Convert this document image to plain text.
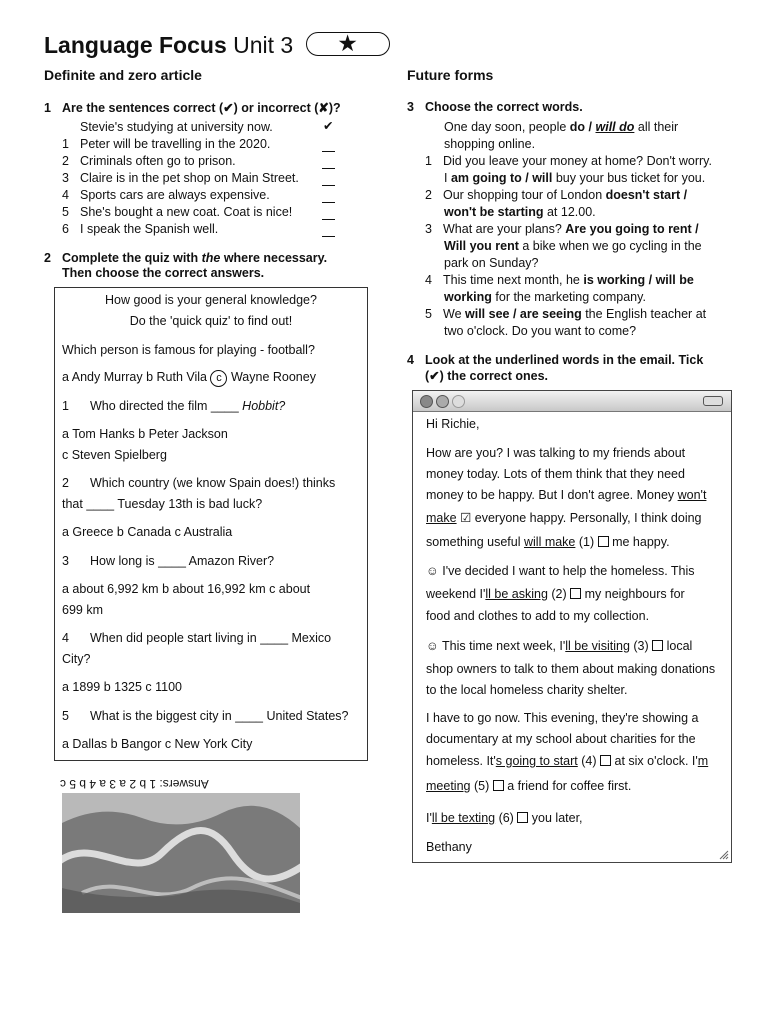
Language Focus Unit 3 ★
Definite and zero article
1 Are the sentences correct (✔) or incorrect (✘)?
Stevie's studying at university now.	✔
1 Peter will be travelling in the 2020.
2 Criminals often go to prison.
3 Claire is in the pet shop on Main Street.
4 Sports cars are always expensive.
5 She's bought a new coat. Coat is nice!
6 I speak the Spanish well.
2 Complete the quiz with the where necessary.
Then choose the correct answers.
How good is your general knowledge?
Do the 'quick quiz' to find out!
Which person is famous for playing - football?
a Andy Murray b Ruth Vila c Wayne Rooney
1 Who directed the film ____ Hobbit?
a Tom Hanks b Peter Jackson
c Steven Spielberg
2 Which country (we know Spain does!) thinks
that ____ Tuesday 13th is bad luck?
a Greece b Canada c Australia
3 How long is ____ Amazon River?
a about 6,992 km b about 16,992 km c about
699 km
4 When did people start living in ____ Mexico
City?
a 1899 b 1325 c 1100
5 What is the biggest city in ____ United States?
a Dallas b Bangor c New York City
Answers: 1 b 2 a 3 a 4 b 5 c
Future forms
3 Choose the correct words.
One day soon, people do / will do all their
shopping online.
1 Did you leave your money at home? Don't worry.
I am going to / will buy your bus ticket for you.
2 Our shopping tour of London doesn't start /
won't be starting at 12.00.
3 What are your plans? Are you going to rent /
Will you rent a bike when we go cycling in the
park on Sunday?
4 This time next month, he is working / will be
working for the marketing company.
5 We will see / are seeing the English teacher at
two o'clock. Do you want to come?
4 Look at the underlined words in the email. Tick
(✔) the correct ones.
Hi Richie,
How are you? I was talking to my friends about
money today. Lots of them think that they need
money to be happy. But I don't agree. Money won't
make ☑ everyone happy. Personally, I think doing
something useful will make (1)  me happy.
☺ I've decided I want to help the homeless. This
weekend I'll be asking (2)  my neighbours for
food and clothes to add to my collection.
☺ This time next week, I'll be visiting (3)  local
shop owners to talk to them about making donations
to the local homeless charity shelter.
I have to go now. This evening, they're showing a
documentary at my school about charities for the
homeless. It's going to start (4)  at six o'clock. I'm
meeting (5)  a friend for coffee first.
I'll be texting (6)  you later,
Bethany
